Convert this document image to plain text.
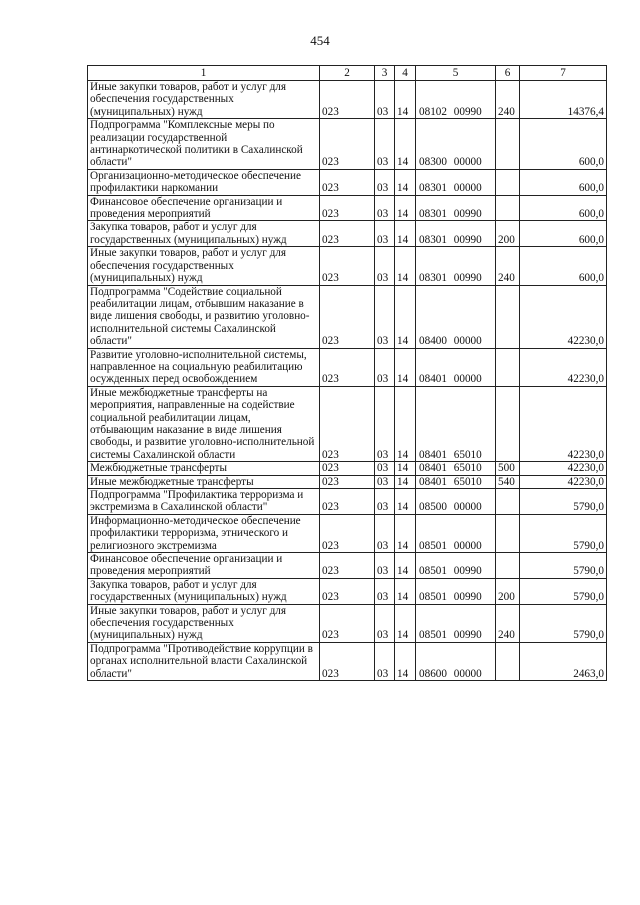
454
1	2	3	4	5	6	7
Иные закупки товаров, работ и услуг для обеспечения государственных (муниципальных) нужд	023	03	14	08102 00990	240	14376,4
Подпрограмма "Комплексные меры по реализации государственной антинаркотической политики в Сахалинской области"	023	03	14	08300 00000		600,0
Организационно-методическое обеспечение профилактики наркомании	023	03	14	08301 00000		600,0
Финансовое обеспечение организации и проведения мероприятий	023	03	14	08301 00990		600,0
Закупка товаров, работ и услуг для государственных (муниципальных) нужд	023	03	14	08301 00990	200	600,0
Иные закупки товаров, работ и услуг для обеспечения государственных (муниципальных) нужд	023	03	14	08301 00990	240	600,0
Подпрограмма "Содействие социальной реабилитации лицам, отбывшим наказание в виде лишения свободы, и развитию уголовно-исполнительной системы Сахалинской области"	023	03	14	08400 00000		42230,0
Развитие уголовно-исполнительной системы, направленное на социальную реабилитацию осужденных перед освобождением	023	03	14	08401 00000		42230,0
Иные межбюджетные трансферты на мероприятия, направленные на содействие социальной реабилитации лицам, отбывающим наказание в виде лишения свободы, и развитие уголовно-исполнительной системы Сахалинской области	023	03	14	08401 65010		42230,0
Межбюджетные трансферты	023	03	14	08401 65010	500	42230,0
Иные межбюджетные трансферты	023	03	14	08401 65010	540	42230,0
Подпрограмма "Профилактика терроризма и экстремизма в Сахалинской области"	023	03	14	08500 00000		5790,0
Информационно-методическое обеспечение профилактики терроризма, этнического и религиозного экстремизма	023	03	14	08501 00000		5790,0
Финансовое обеспечение организации и проведения мероприятий	023	03	14	08501 00990		5790,0
Закупка товаров, работ и услуг для государственных (муниципальных) нужд	023	03	14	08501 00990	200	5790,0
Иные закупки товаров, работ и услуг для обеспечения государственных (муниципальных) нужд	023	03	14	08501 00990	240	5790,0
Подпрограмма "Противодействие коррупции в органах исполнительной власти Сахалинской области"	023	03	14	08600 00000		2463,0
